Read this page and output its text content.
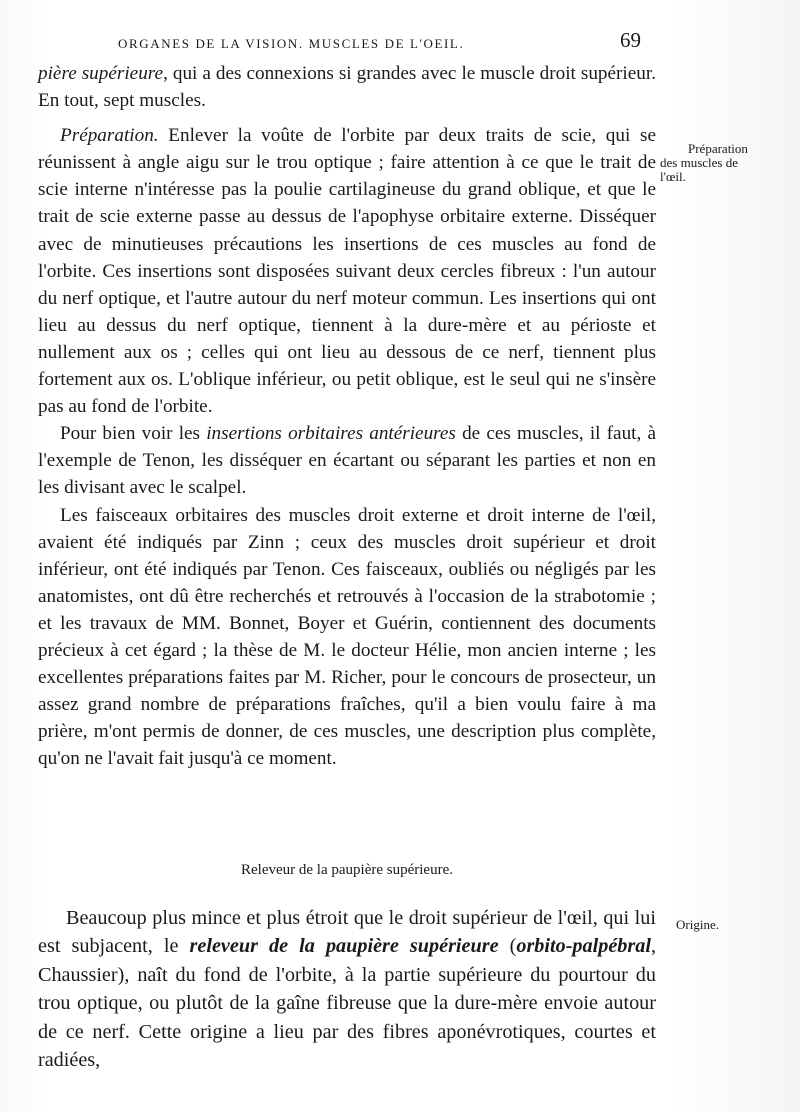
ORGANES DE LA VISION. MUSCLES DE L'OEIL.	69

pière supérieure, qui a des connexions si grandes avec le muscle droit supérieur. En tout, sept muscles.

Préparation. Enlever la voûte de l'orbite par deux traits de scie, qui se réunissent à angle aigu sur le trou optique ; faire attention à ce que le trait de scie interne n'intéresse pas la poulie cartilagineuse du grand oblique, et que le trait de scie externe passe au dessus de l'apophyse orbitaire externe. Disséquer avec de minutieuses précautions les insertions de ces muscles au fond de l'orbite. Ces insertions sont disposées suivant deux cercles fibreux : l'un autour du nerf optique, et l'autre autour du nerf moteur commun. Les insertions qui ont lieu au dessus du nerf optique, tiennent à la dure-mère et au périoste et nullement aux os ; celles qui ont lieu au dessous de ce nerf, tiennent plus fortement aux os. L'oblique inférieur, ou petit oblique, est le seul qui ne s'insère pas au fond de l'orbite.

Pour bien voir les insertions orbitaires antérieures de ces muscles, il faut, à l'exemple de Tenon, les disséquer en écartant ou séparant les parties et non en les divisant avec le scalpel.

Les faisceaux orbitaires des muscles droit externe et droit interne de l'œil, avaient été indiqués par Zinn ; ceux des muscles droit supérieur et droit inférieur, ont été indiqués par Tenon. Ces faisceaux, oubliés ou négligés par les anatomistes, ont dû être recherchés et retrouvés à l'occasion de la strabotomie ; et les travaux de MM. Bonnet, Boyer et Guérin, contiennent des documents précieux à cet égard ; la thèse de M. le docteur Hélie, mon ancien interne ; les excellentes préparations faites par M. Richer, pour le concours de prosecteur, un assez grand nombre de préparations fraîches, qu'il a bien voulu faire à ma prière, m'ont permis de donner, de ces muscles, une description plus complète, qu'on ne l'avait fait jusqu'à ce moment.

Releveur de la paupière supérieure.

Beaucoup plus mince et plus étroit que le droit supérieur de l'œil, qui lui est subjacent, le releveur de la paupière supérieure (orbito-palpébral, Chaussier), naît du fond de l'orbite, à la partie supérieure du pourtour du trou optique, ou plutôt de la gaîne fibreuse que la dure-mère envoie autour de ce nerf. Cette origine a lieu par des fibres aponévrotiques, courtes et radiées,

Préparation
des muscles de
l'œil.
Origine.
